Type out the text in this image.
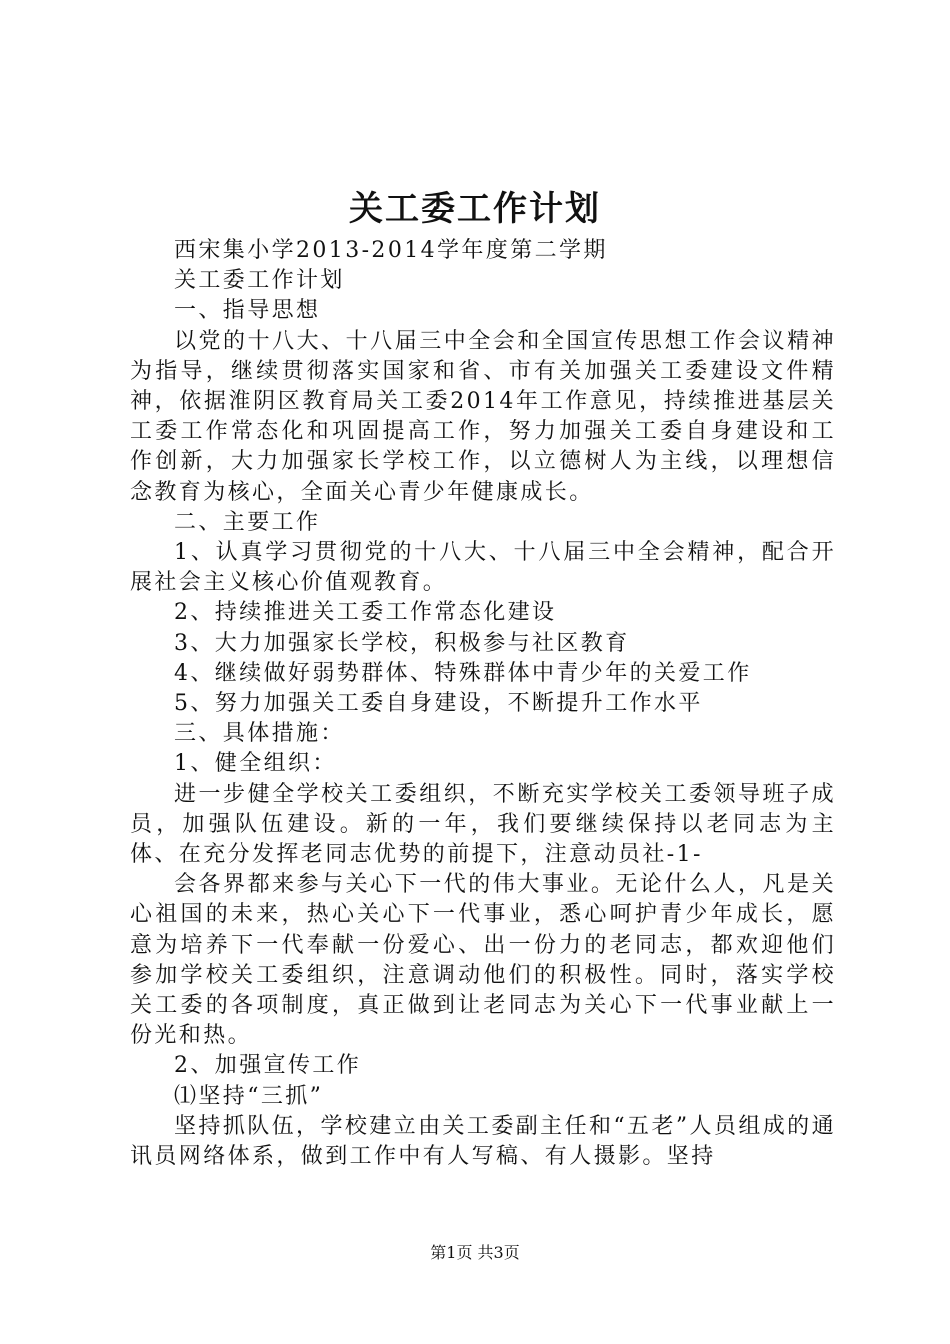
关工委工作计划

西宋集小学2013-2014学年度第二学期

关工委工作计划

一、指导思想

以党的十八大、十八届三中全会和全国宣传思想工作会议精神为指导，继续贯彻落实国家和省、市有关加强关工委建设文件精神，依据淮阴区教育局关工委2014年工作意见，持续推进基层关工委工作常态化和巩固提高工作，努力加强关工委自身建设和工作创新，大力加强家长学校工作，以立德树人为主线，以理想信念教育为核心，全面关心青少年健康成长。

二、主要工作

1、认真学习贯彻党的十八大、十八届三中全会精神，配合开展社会主义核心价值观教育。

2、持续推进关工委工作常态化建设

3、大力加强家长学校，积极参与社区教育

4、继续做好弱势群体、特殊群体中青少年的关爱工作

5、努力加强关工委自身建设，不断提升工作水平

三、具体措施：

1、健全组织：

进一步健全学校关工委组织，不断充实学校关工委领导班子成员，加强队伍建设。新的一年，我们要继续保持以老同志为主体、在充分发挥老同志优势的前提下，注意动员社-1-

会各界都来参与关心下一代的伟大事业。无论什么人，凡是关心祖国的未来，热心关心下一代事业，悉心呵护青少年成长，愿意为培养下一代奉献一份爱心、出一份力的老同志，都欢迎他们参加学校关工委组织，注意调动他们的积极性。同时，落实学校关工委的各项制度，真正做到让老同志为关心下一代事业献上一份光和热。

2、加强宣传工作

⑴坚持“三抓”

坚持抓队伍，学校建立由关工委副主任和“五老”人员组成的通讯员网络体系，做到工作中有人写稿、有人摄影。坚持

第1页 共3页
